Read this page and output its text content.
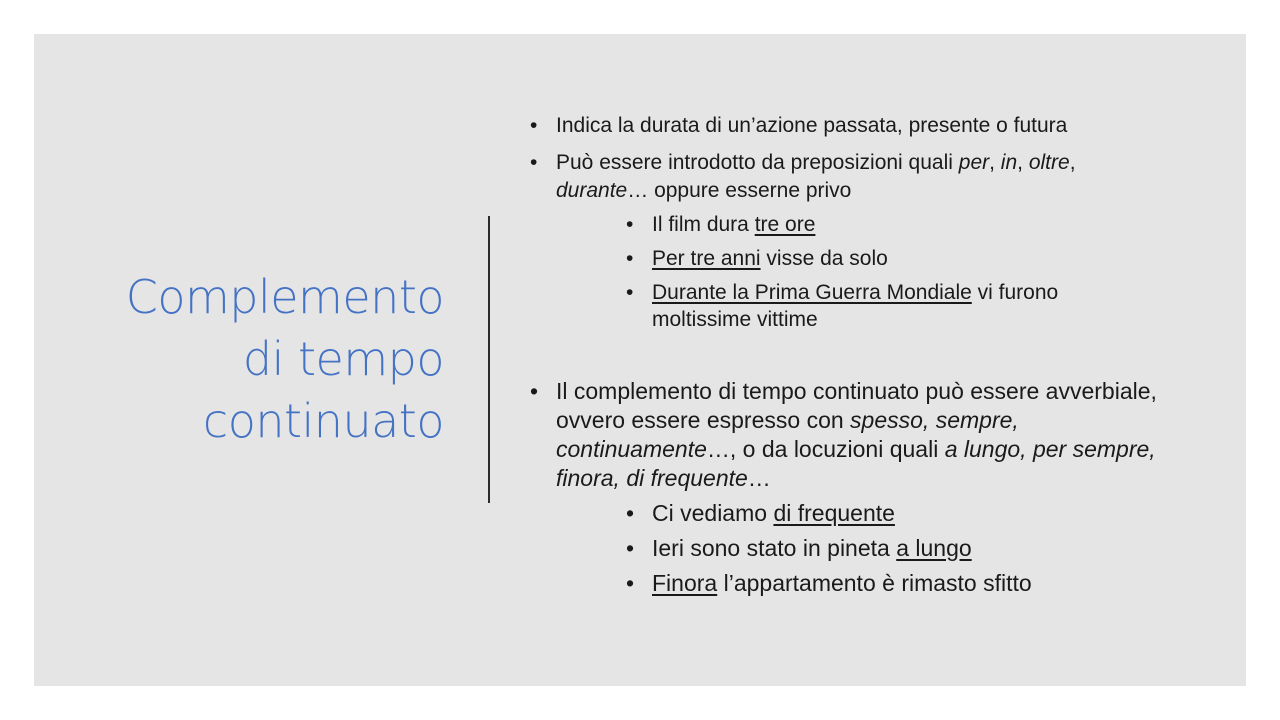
Complemento
di tempo
continuato

• Indica la durata di un’azione passata, presente o futura

• Può essere introdotto da preposizioni quali per, in, oltre, durante… oppure esserne privo

• Il film dura tre ore

• Per tre anni visse da solo

• Durante la Prima Guerra Mondiale vi furono moltissime vittime

• Il complemento di tempo continuato può essere avverbiale, ovvero essere espresso con spesso, sempre, continuamente…, o da locuzioni quali a lungo, per sempre, finora, di frequente…

• Ci vediamo di frequente

• Ieri sono stato in pineta a lungo

• Finora l’appartamento è rimasto sfitto
